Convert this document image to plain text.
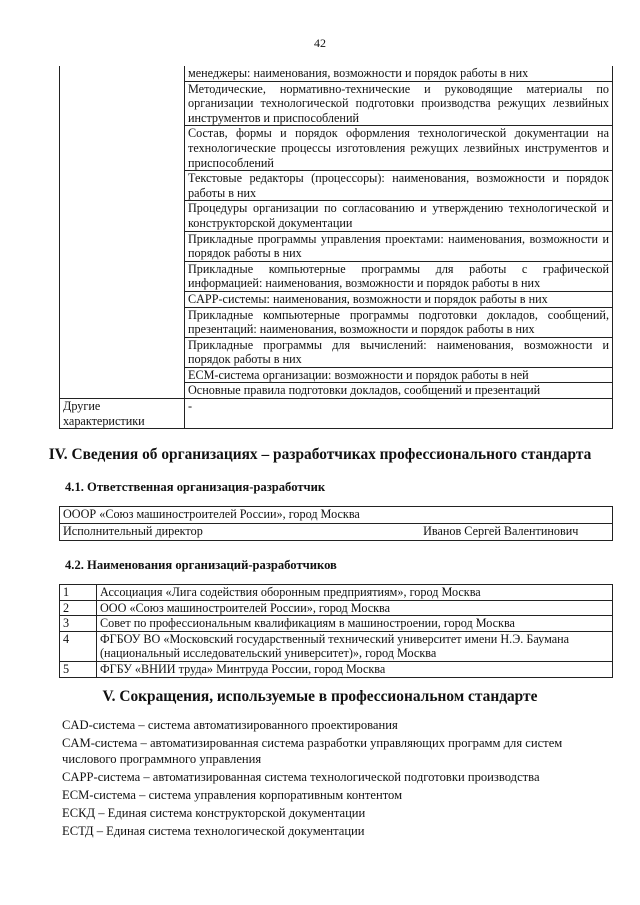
42
	менеджеры: наименования, возможности и порядок работы в них
	Методические, нормативно-технические и руководящие материалы по организации технологической подготовки производства режущих лезвийных инструментов и приспособлений
	Состав, формы и порядок оформления технологической документации на технологические процессы изготовления режущих лезвийных инструментов и приспособлений
	Текстовые редакторы (процессоры): наименования, возможности и порядок работы в них
	Процедуры организации по согласованию и утверждению технологической и конструкторской документации
	Прикладные программы управления проектами: наименования, возможности и порядок работы в них
	Прикладные компьютерные программы для работы с графической информацией: наименования, возможности и порядок работы в них
	CAPP-системы: наименования, возможности и порядок работы в них
	Прикладные компьютерные программы подготовки докладов, сообщений, презентаций: наименования, возможности и порядок работы в них
	Прикладные программы для вычислений: наименования, возможности и порядок работы в них
	ECM-система организации: возможности и порядок работы в ней
	Основные правила подготовки докладов, сообщений и презентаций
Другие характеристики	-
IV. Сведения об организациях – разработчиках профессионального стандарта
4.1. Ответственная организация-разработчик
ОООР «Союз машиностроителей России», город Москва
Исполнительный директор	Иванов Сергей Валентинович
4.2. Наименования организаций-разработчиков
1	Ассоциация «Лига содействия оборонным предприятиям», город Москва
2	ООО «Союз машиностроителей России», город Москва
3	Совет по профессиональным квалификациям в машиностроении, город Москва
4	ФГБОУ ВО «Московский государственный технический университет имени Н.Э. Баумана (национальный исследовательский университет)», город Москва
5	ФГБУ «ВНИИ труда» Минтруда России, город Москва
V. Сокращения, используемые в профессиональном стандарте
CAD-система – система автоматизированного проектирования
CAM-система – автоматизированная система разработки управляющих программ для систем числового программного управления
CAPP-система – автоматизированная система технологической подготовки производства
ECM-система – система управления корпоративным контентом
ЕСКД – Единая система конструкторской документации
ЕСТД – Единая система технологической документации
